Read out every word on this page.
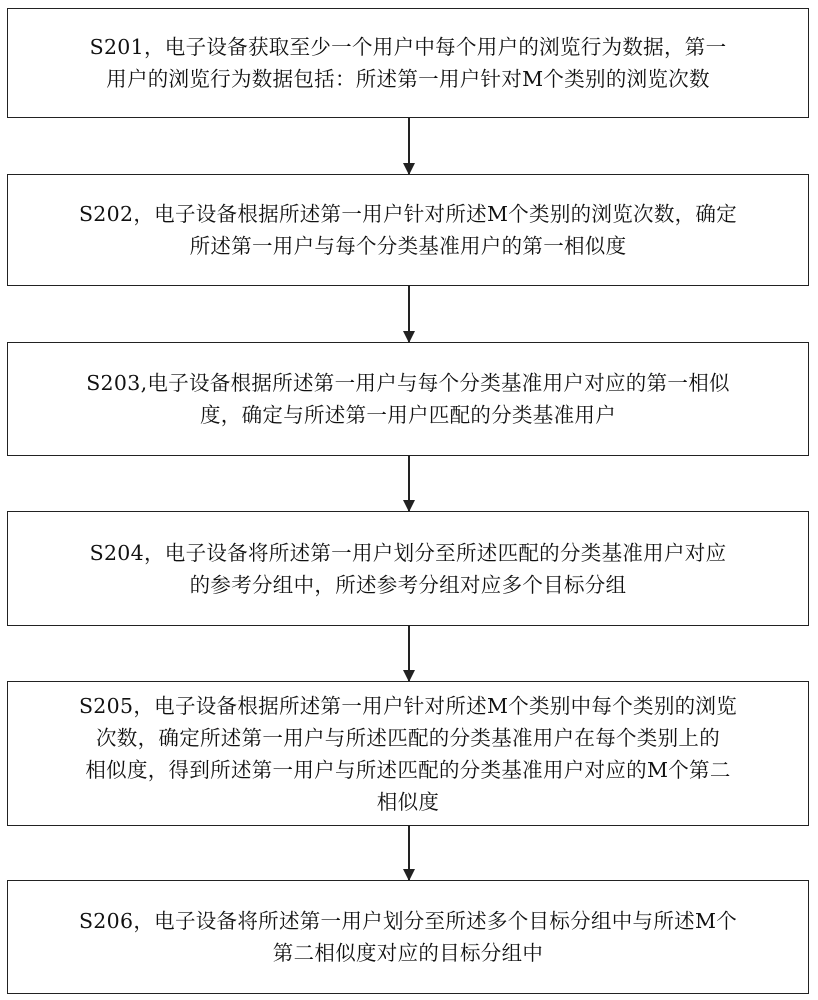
S201，电子设备获取至少一个用户中每个用户的浏览行为数据，第一
用户的浏览行为数据包括：所述第一用户针对M个类别的浏览次数
S202，电子设备根据所述第一用户针对所述M个类别的浏览次数，确定
所述第一用户与每个分类基准用户的第一相似度
S203,电子设备根据所述第一用户与每个分类基准用户对应的第一相似
度，确定与所述第一用户匹配的分类基准用户
S204，电子设备将所述第一用户划分至所述匹配的分类基准用户对应
的参考分组中，所述参考分组对应多个目标分组
S205，电子设备根据所述第一用户针对所述M个类别中每个类别的浏览
次数，确定所述第一用户与所述匹配的分类基准用户在每个类别上的
相似度，得到所述第一用户与所述匹配的分类基准用户对应的M个第二
相似度
S206，电子设备将所述第一用户划分至所述多个目标分组中与所述M个
第二相似度对应的目标分组中
